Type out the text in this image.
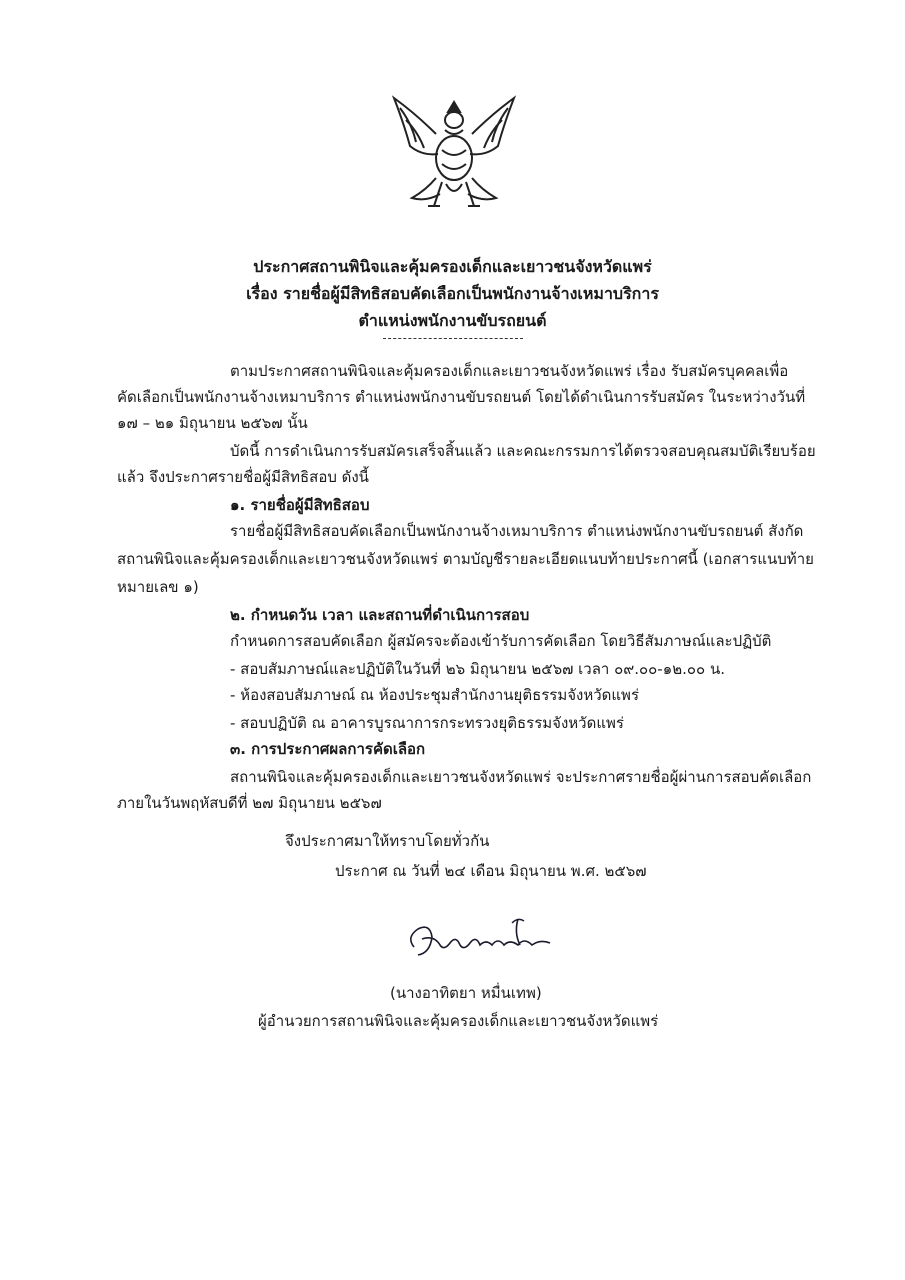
ประกาศสถานพินิจและคุ้มครองเด็กและเยาวชนจังหวัดแพร่
เรื่อง รายชื่อผู้มีสิทธิสอบคัดเลือกเป็นพนักงานจ้างเหมาบริการ
ตำแหน่งพนักงานขับรถยนต์
ตามประกาศสถานพินิจและคุ้มครองเด็กและเยาวชนจังหวัดแพร่ เรื่อง รับสมัครบุคคลเพื่อ
คัดเลือกเป็นพนักงานจ้างเหมาบริการ ตำแหน่งพนักงานขับรถยนต์ โดยได้ดำเนินการรับสมัคร ในระหว่างวันที่
๑๗ – ๒๑ มิถุนายน ๒๕๖๗ นั้น
บัดนี้ การดำเนินการรับสมัครเสร็จสิ้นแล้ว และคณะกรรมการได้ตรวจสอบคุณสมบัติเรียบร้อย
แล้ว จึงประกาศรายชื่อผู้มีสิทธิสอบ ดังนี้
๑. รายชื่อผู้มีสิทธิสอบ
รายชื่อผู้มีสิทธิสอบคัดเลือกเป็นพนักงานจ้างเหมาบริการ ตำแหน่งพนักงานขับรถยนต์ สังกัด
สถานพินิจและคุ้มครองเด็กและเยาวชนจังหวัดแพร่ ตามบัญชีรายละเอียดแนบท้ายประกาศนี้ (เอกสารแนบท้าย
หมายเลข ๑)
๒. กำหนดวัน เวลา และสถานที่ดำเนินการสอบ
กำหนดการสอบคัดเลือก ผู้สมัครจะต้องเข้ารับการคัดเลือก โดยวิธีสัมภาษณ์และปฏิบัติ
- สอบสัมภาษณ์และปฏิบัติในวันที่ ๒๖ มิถุนายน ๒๕๖๗ เวลา ๐๙.๐๐-๑๒.๐๐ น.
- ห้องสอบสัมภาษณ์ ณ ห้องประชุมสำนักงานยุติธรรมจังหวัดแพร่
- สอบปฏิบัติ ณ อาคารบูรณาการกระทรวงยุติธรรมจังหวัดแพร่
๓. การประกาศผลการคัดเลือก
สถานพินิจและคุ้มครองเด็กและเยาวชนจังหวัดแพร่ จะประกาศรายชื่อผู้ผ่านการสอบคัดเลือก
ภายในวันพฤหัสบดีที่ ๒๗ มิถุนายน ๒๕๖๗
จึงประกาศมาให้ทราบโดยทั่วกัน
ประกาศ ณ วันที่ ๒๔ เดือน มิถุนายน พ.ศ. ๒๕๖๗
(นางอาทิตยา หมื่นเทพ)
ผู้อำนวยการสถานพินิจและคุ้มครองเด็กและเยาวชนจังหวัดแพร่
